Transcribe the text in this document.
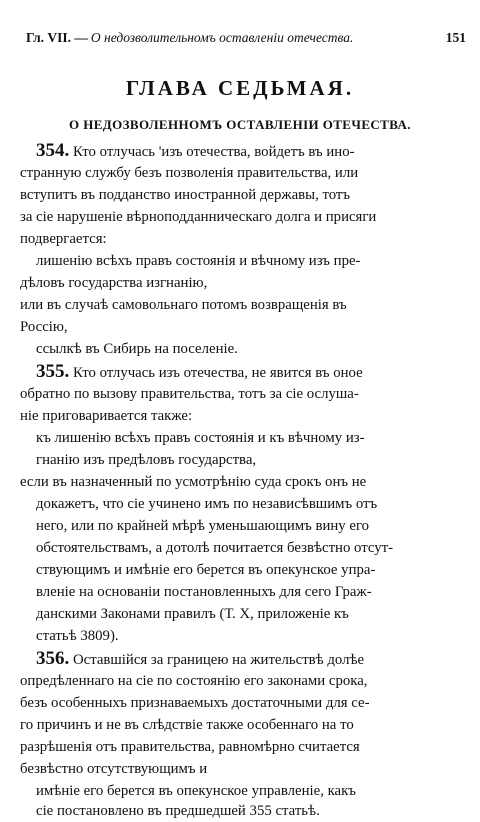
Гл. VII. — О недозволительномъ оставленіи отечества.	151
ГЛАВА СЕДЬМАЯ.
О НЕДОЗВОЛЕННОМЪ ОСТАВЛЕНІИ ОТЕЧЕСТВА.
354. Кто отлучась 'изъ отечества, войдетъ въ ино-
странную службу безъ позволенія правительства, или
вступитъ въ подданство иностранной державы, тотъ
за сіе нарушеніе вѣрноподданническаго долга и присяги подвергается:
лишенію всѣхъ правъ состоянія и вѣчному изъ пре-
дѣловъ государства изгнанію,
или въ случаѣ самовольнаго потомъ возвращенія въ
Россію,
ссылкѣ въ Сибирь на поселеніе.
355. Кто отлучась изъ отечества, не явится въ оное
обратно по вызову правительства, тотъ за сіе ослуша-
ніе приговаривается также:
къ лишенію всѣхъ правъ состоянія и къ вѣчному из-
гнанію изъ предѣловъ государства,
если въ назначенный по усмотрѣнію суда срокъ онъ не
докажетъ, что сіе учинено имъ по независѣвшимъ отъ
него, или по крайней мѣрѣ уменьшающимъ вину его
обстоятельствамъ, а дотолѣ почитается безвѣстно отсут-
ствующимъ и имѣніе его берется въ опекунское упра-
вленіе на основаніи постановленныхъ для сего Граж-
данскими Законами правилъ (Т. X, приложеніе къ
статьѣ 3809).
356. Оставшійся за границею на жительствѣ долѣе
опредѣленнаго на сіе по состоянію его законами срока,
безъ особенныхъ признаваемыхъ достаточными для се-
го причинъ и не въ слѣдствіе также особеннаго на то
разрѣшенія отъ правительства, равномѣрно считается
безвѣстно отсутствующимъ и
имѣніе его берется въ опекунское управленіе, какъ
сіе постановлено въ предшедшей 355 статьѣ.
